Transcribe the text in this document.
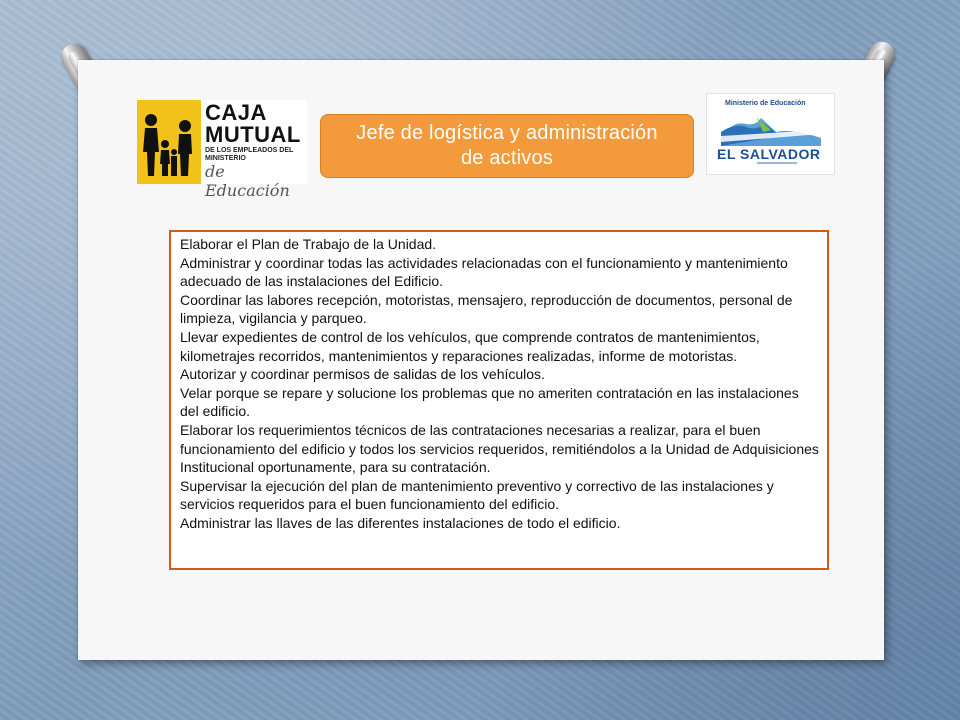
CAJA
MUTUAL
DE LOS EMPLEADOS DEL MINISTERIO
de Educación
Jefe de logística y administración
de activos
Ministerio de Educación
EL SALVADOR

Elaborar el Plan de Trabajo de la Unidad.

Administrar y coordinar todas las actividades relacionadas con el funcionamiento y mantenimiento adecuado de las instalaciones del Edificio.

Coordinar las labores recepción, motoristas, mensajero, reproducción de documentos, personal de limpieza, vigilancia y parqueo.

Llevar expedientes de control de los vehículos, que comprende contratos de mantenimientos, kilometrajes recorridos, mantenimientos y reparaciones realizadas, informe de motoristas.

Autorizar y coordinar permisos de salidas de los vehículos.

Velar porque se repare y solucione los problemas que no ameriten contratación en las instalaciones del edificio.

Elaborar los requerimientos técnicos de las contrataciones necesarias a realizar, para el buen funcionamiento del edificio y todos los servicios requeridos, remitiéndolos a la Unidad de Adquisiciones Institucional oportunamente, para su contratación.

Supervisar la ejecución del plan de mantenimiento preventivo y correctivo de las instalaciones y servicios requeridos para el buen funcionamiento del edificio.

Administrar las llaves de las diferentes instalaciones de todo el edificio.
